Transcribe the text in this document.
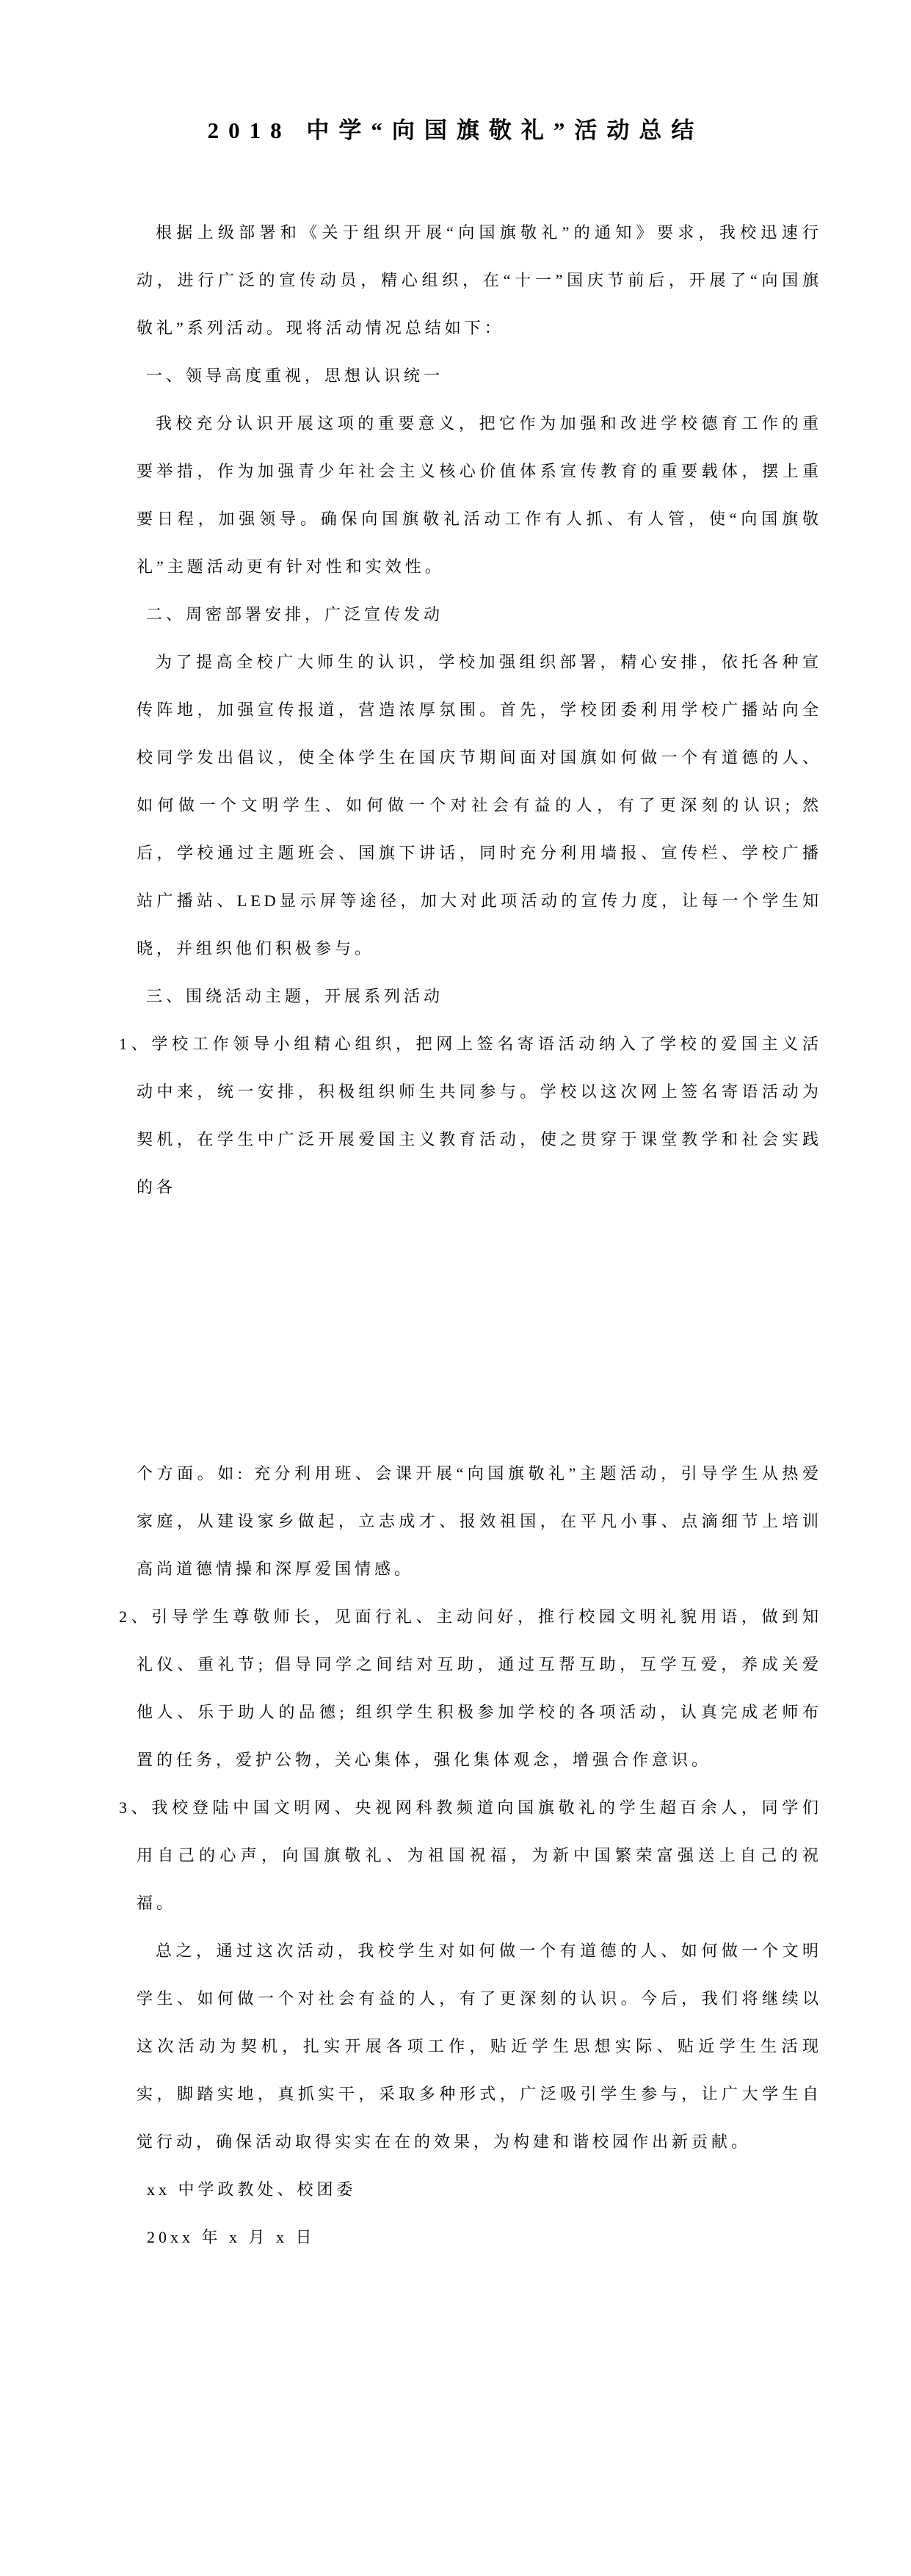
2018 中学“向国旗敬礼”活动总结

根据上级部署和《关于组织开展“向国旗敬礼”的通知》要求，我校迅速行动，进行广泛的宣传动员，精心组织，在“十一”国庆节前后，开展了“向国旗敬礼”系列活动。现将活动情况总结如下：

一、领导高度重视，思想认识统一

我校充分认识开展这项的重要意义，把它作为加强和改进学校德育工作的重要举措，作为加强青少年社会主义核心价值体系宣传教育的重要载体，摆上重要日程，加强领导。确保向国旗敬礼活动工作有人抓、有人管，使“向国旗敬礼”主题活动更有针对性和实效性。

二、周密部署安排，广泛宣传发动

为了提高全校广大师生的认识，学校加强组织部署，精心安排，依托各种宣传阵地，加强宣传报道，营造浓厚氛围。首先，学校团委利用学校广播站向全校同学发出倡议，使全体学生在国庆节期间面对国旗如何做一个有道德的人、如何做一个文明学生、如何做一个对社会有益的人，有了更深刻的认识; 然后，学校通过主题班会、国旗下讲话，同时充分利用墙报、宣传栏、学校广播站广播站、LED显示屏等途径，加大对此项活动的宣传力度，让每一个学生知晓，并组织他们积极参与。

三、围绕活动主题，开展系列活动

1、学校工作领导小组精心组织，把网上签名寄语活动纳入了学校的爱国主义活动中来，统一安排，积极组织师生共同参与。学校以这次网上签名寄语活动为契机，在学生中广泛开展爱国主义教育活动，使之贯穿于课堂教学和社会实践的各

个方面。如: 充分利用班、会课开展“向国旗敬礼”主题活动，引导学生从热爱家庭，从建设家乡做起，立志成才、报效祖国，在平凡小事、点滴细节上培训高尚道德情操和深厚爱国情感。

2、引导学生尊敬师长，见面行礼、主动问好，推行校园文明礼貌用语，做到知礼仪、重礼节; 倡导同学之间结对互助，通过互帮互助，互学互爱，养成关爱他人、乐于助人的品德; 组织学生积极参加学校的各项活动，认真完成老师布置的任务，爱护公物，关心集体，强化集体观念，增强合作意识。

3、我校登陆中国文明网、央视网科教频道向国旗敬礼的学生超百余人，同学们用自己的心声，向国旗敬礼、为祖国祝福，为新中国繁荣富强送上自己的祝福。

总之，通过这次活动，我校学生对如何做一个有道德的人、如何做一个文明学生、如何做一个对社会有益的人，有了更深刻的认识。今后，我们将继续以这次活动为契机，扎实开展各项工作，贴近学生思想实际、贴近学生生活现实，脚踏实地，真抓实干，采取多种形式，广泛吸引学生参与，让广大学生自觉行动，确保活动取得实实在在的效果，为构建和谐校园作出新贡献。

xx 中学政教处、校团委

20xx 年 x 月 x 日
